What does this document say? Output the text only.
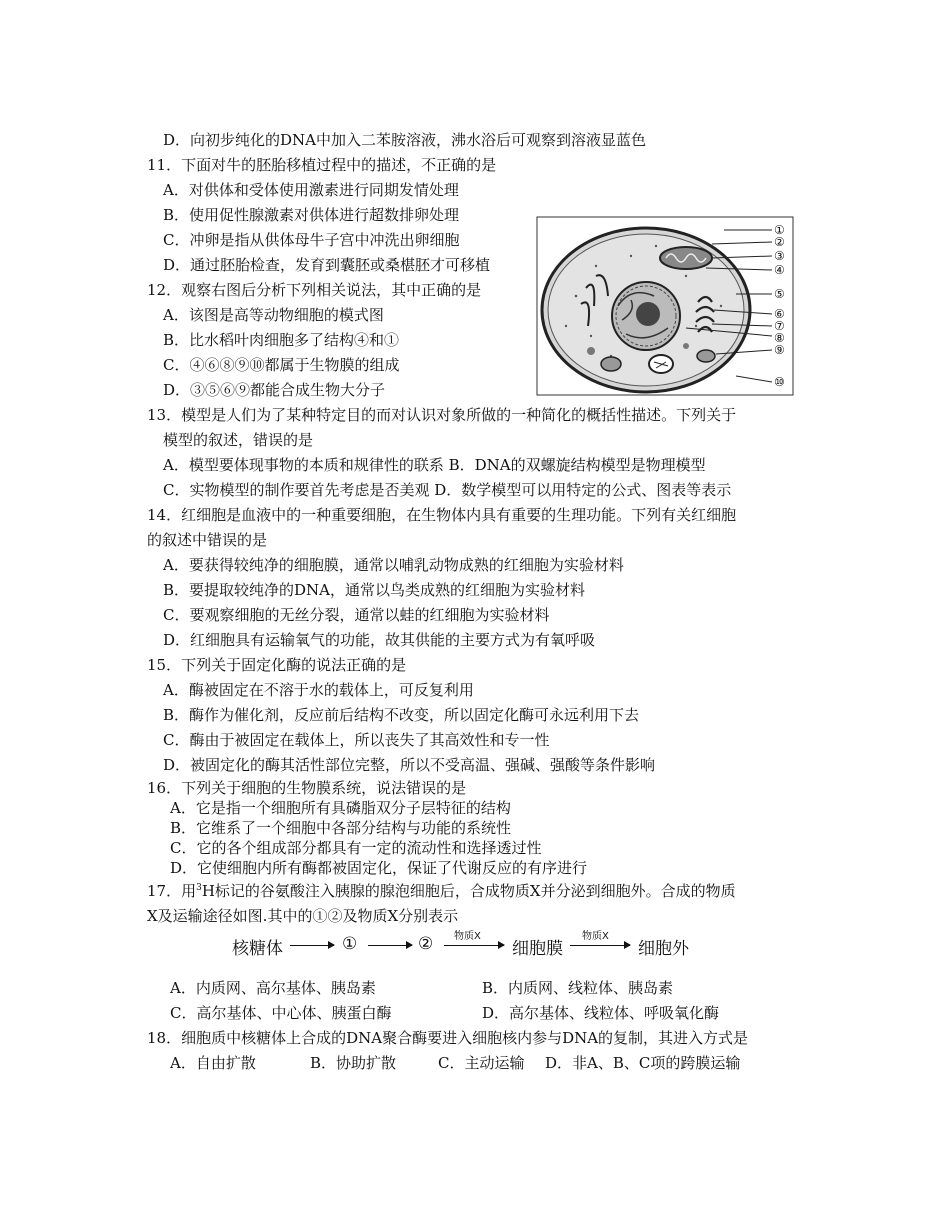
D．向初步纯化的DNA中加入二苯胺溶液，沸水浴后可观察到溶液显蓝色
11．下面对牛的胚胎移植过程中的描述，不正确的是
A．对供体和受体使用激素进行同期发情处理
B．使用促性腺激素对供体进行超数排卵处理
C．冲卵是指从供体母牛子宫中冲洗出卵细胞
D．通过胚胎检查，发育到囊胚或桑椹胚才可移植
12．观察右图后分析下列相关说法，其中正确的是
A．该图是高等动物细胞的模式图
B．比水稻叶肉细胞多了结构④和①
C．④⑥⑧⑨⑩都属于生物膜的组成
D．③⑤⑥⑨都能合成生物大分子
①
②
③
④
⑤
⑥
⑦
⑧
⑨
⑩
13．模型是人们为了某种特定目的而对认识对象所做的一种简化的概括性描述。下列关于
模型的叙述，错误的是
A．模型要体现事物的本质和规律性的联系 B．DNA的双螺旋结构模型是物理模型
C．实物模型的制作要首先考虑是否美观 D．数学模型可以用特定的公式、图表等表示
14．红细胞是血液中的一种重要细胞，在生物体内具有重要的生理功能。下列有关红细胞
的叙述中错误的是
A．要获得较纯净的细胞膜，通常以哺乳动物成熟的红细胞为实验材料
B．要提取较纯净的DNA，通常以鸟类成熟的红细胞为实验材料
C．要观察细胞的无丝分裂，通常以蛙的红细胞为实验材料
D．红细胞具有运输氧气的功能，故其供能的主要方式为有氧呼吸
15．下列关于固定化酶的说法正确的是
A．酶被固定在不溶于水的载体上，可反复利用
B．酶作为催化剂，反应前后结构不改变，所以固定化酶可永远利用下去
C．酶由于被固定在载体上，所以丧失了其高效性和专一性
D．被固定化的酶其活性部位完整，所以不受高温、强碱、强酸等条件影响
16．下列关于细胞的生物膜系统，说法错误的是
A．它是指一个细胞所有具磷脂双分子层特征的结构
B．它维系了一个细胞中各部分结构与功能的系统性
C．它的各个组成部分都具有一定的流动性和选择透过性
D．它使细胞内所有酶都被固定化，保证了代谢反应的有序进行
17．用$^3$H标记的谷氨酸注入胰腺的腺泡细胞后，合成物质X并分泌到细胞外。合成的物质
X及运输途径如图.其中的①②及物质X分别表示
核糖体	①	② 物质X
细胞膜
物质X
细胞外
A．内质网、高尔基体、胰岛素	B．内质网、线粒体、胰岛素
C．高尔基体、中心体、胰蛋白酶	D．高尔基体、线粒体、呼吸氧化酶
18．细胞质中核糖体上合成的DNA聚合酶要进入细胞核内参与DNA的复制，其进入方式是
A．自由扩散	B．协助扩散	C．主动运输 D．非A、B、C项的跨膜运输
